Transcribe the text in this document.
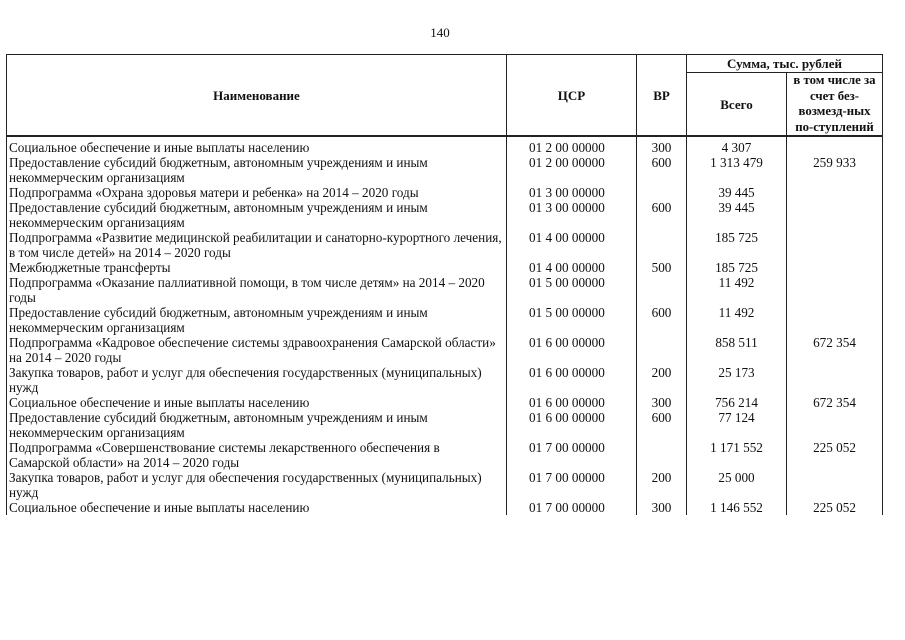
140
Наименование	ЦСР	ВР	Сумма, тыс. рублей	
			Всего	в том числе за счет без-возмезд-ных по-ступлений
Социальное обеспечение и иные выплаты населению	01 2 00 00000	300	4 307	
Предоставление субсидий бюджетным, автономным учреждениям и иным некоммерческим организациям	01 2 00 00000	600	1 313 479	259 933
Подпрограмма «Охрана здоровья матери и ребенка» на 2014 – 2020 годы	01 3 00 00000		39 445	
Предоставление субсидий бюджетным, автономным учреждениям и иным некоммерческим организациям	01 3 00 00000	600	39 445	
Подпрограмма «Развитие медицинской реабилитации и санаторно-курортного лечения, в том числе детей» на 2014 – 2020 годы	01 4 00 00000		185 725	
Межбюджетные трансферты	01 4 00 00000	500	185 725	
Подпрограмма «Оказание паллиативной помощи, в том числе детям» на 2014 – 2020 годы	01 5 00 00000		11 492	
Предоставление субсидий бюджетным, автономным учреждениям и иным некоммерческим организациям	01 5 00 00000	600	11 492	
Подпрограмма «Кадровое обеспечение системы здравоохранения Самарской области» на 2014 – 2020 годы	01 6 00 00000		858 511	672 354
Закупка товаров, работ и услуг для обеспечения государственных (муниципальных) нужд	01 6 00 00000	200	25 173	
Социальное обеспечение и иные выплаты населению	01 6 00 00000	300	756 214	672 354
Предоставление субсидий бюджетным, автономным учреждениям и иным некоммерческим организациям	01 6 00 00000	600	77 124	
Подпрограмма «Совершенствование системы лекарственного обеспечения в Самарской области» на 2014 – 2020 годы	01 7 00 00000		1 171 552	225 052
Закупка товаров, работ и услуг для обеспечения государственных (муниципальных) нужд	01 7 00 00000	200	25 000	
Социальное обеспечение и иные выплаты населению	01 7 00 00000	300	1 146 552	225 052
